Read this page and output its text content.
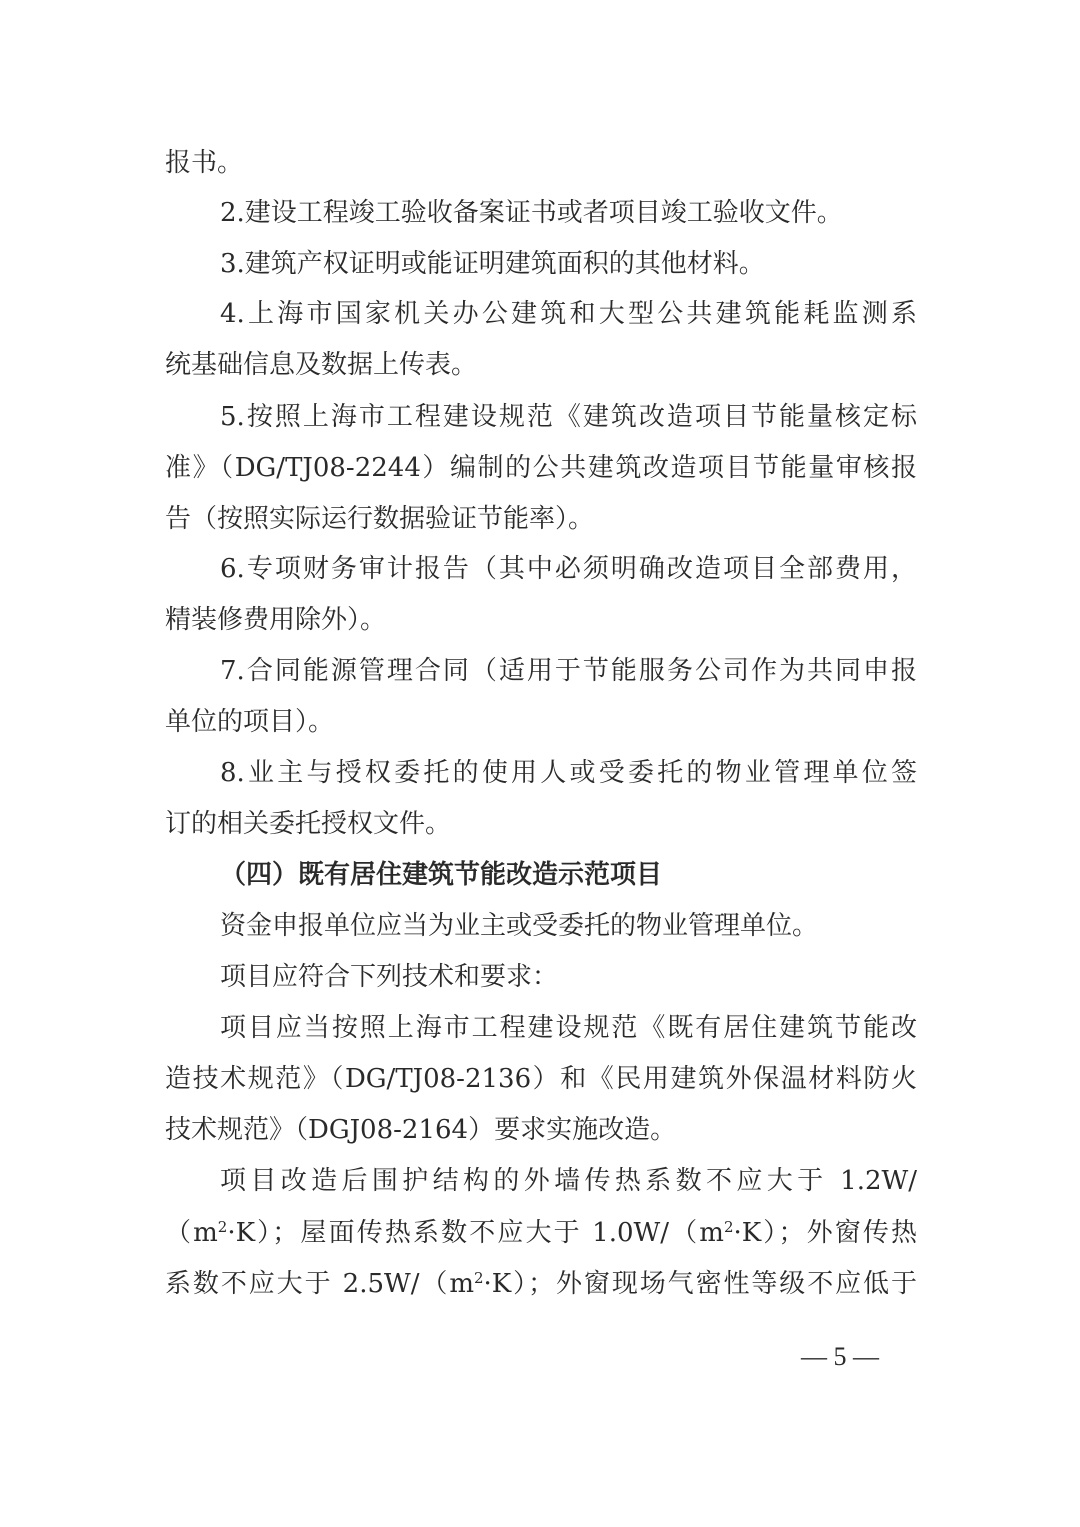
报书。
2.建设工程竣工验收备案证书或者项目竣工验收文件。
3.建筑产权证明或能证明建筑面积的其他材料。
4.上海市国家机关办公建筑和大型公共建筑能耗监测系
统基础信息及数据上传表。
5.按照上海市工程建设规范《建筑改造项目节能量核定标
准》（DG/TJ08-2244）编制的公共建筑改造项目节能量审核报
告（按照实际运行数据验证节能率）。
6.专项财务审计报告（其中必须明确改造项目全部费用，
精装修费用除外）。
7.合同能源管理合同（适用于节能服务公司作为共同申报
单位的项目）。
8.业主与授权委托的使用人或受委托的物业管理单位签
订的相关委托授权文件。
（四）既有居住建筑节能改造示范项目
资金申报单位应当为业主或受委托的物业管理单位。
项目应符合下列技术和要求：
项目应当按照上海市工程建设规范《既有居住建筑节能改
造技术规范》（DG/TJ08-2136）和《民用建筑外保温材料防火
技术规范》（DGJ08-2164）要求实施改造。
项目改造后围护结构的外墙传热系数不应大于 1.2W/
$(m^2\cdot K)$；屋面传热系数不应大于 $1.0W/(m^2\cdot K)$；外窗传热
系数不应大于 $2.5W/(m^2\cdot K)$；外窗现场气密性等级不应低于
— 5 —
